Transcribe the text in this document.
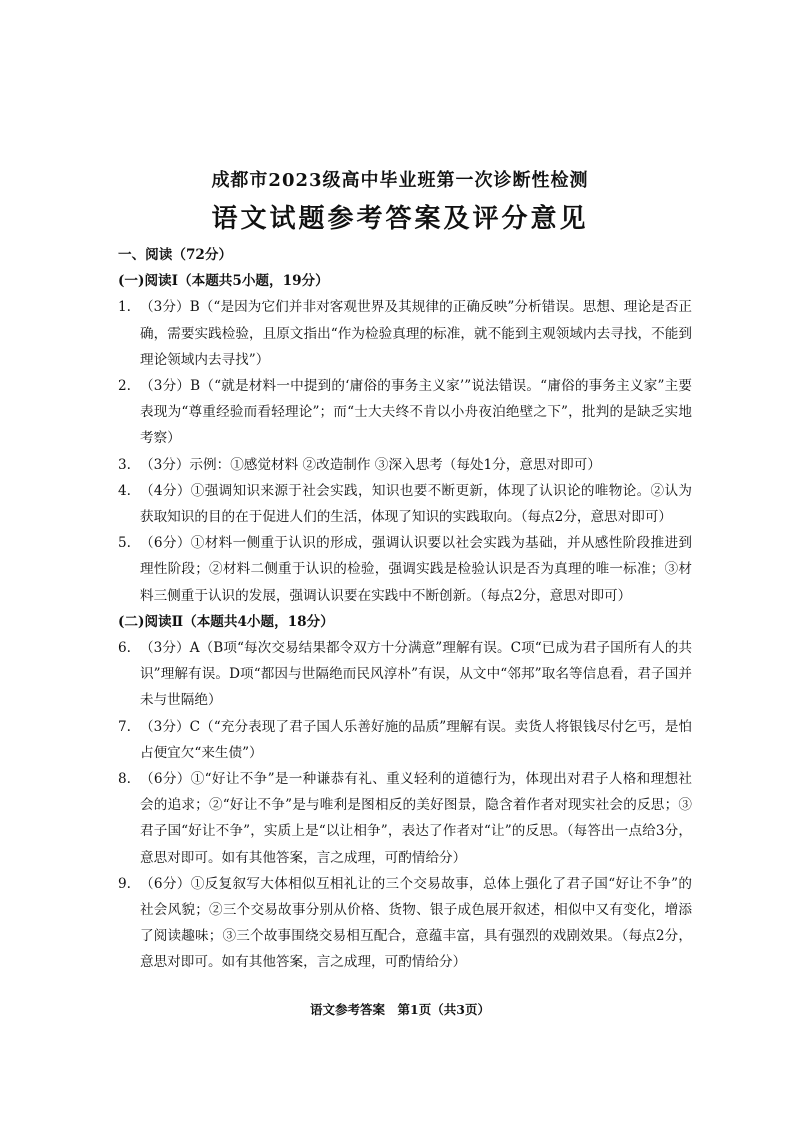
成都市2023级高中毕业班第一次诊断性检测
语文试题参考答案及评分意见
一、阅读（72分）
(一)阅读Ⅰ（本题共5小题，19分）
1. （3分）B（“是因为它们并非对客观世界及其规律的正确反映”分析错误。思想、理论是否正确，需要实践检验，且原文指出“作为检验真理的标准，就不能到主观领域内去寻找，不能到理论领域内去寻找”）
2. （3分）B（“就是材料一中提到的‘庸俗的事务主义家’”说法错误。“庸俗的事务主义家”主要表现为“尊重经验而看轻理论”；而“士大夫终不肯以小舟夜泊绝壁之下”，批判的是缺乏实地考察）
3. （3分）示例：①感觉材料 ②改造制作 ③深入思考（每处1分，意思对即可）
4. （4分）①强调知识来源于社会实践，知识也要不断更新，体现了认识论的唯物论。②认为获取知识的目的在于促进人们的生活，体现了知识的实践取向。（每点2分，意思对即可）
5. （6分）①材料一侧重于认识的形成，强调认识要以社会实践为基础，并从感性阶段推进到理性阶段；②材料二侧重于认识的检验，强调实践是检验认识是否为真理的唯一标准；③材料三侧重于认识的发展，强调认识要在实践中不断创新。（每点2分，意思对即可）
(二)阅读Ⅱ（本题共4小题，18分）
6. （3分）A（B项“每次交易结果都令双方十分满意”理解有误。C项“已成为君子国所有人的共识”理解有误。D项“都因与世隔绝而民风淳朴”有误，从文中“邻邦”取名等信息看，君子国并未与世隔绝）
7. （3分）C（“充分表现了君子国人乐善好施的品质”理解有误。卖货人将银钱尽付乞丐，是怕占便宜欠“来生债”）
8. （6分）①“好让不争”是一种谦恭有礼、重义轻利的道德行为，体现出对君子人格和理想社会的追求；②“好让不争”是与唯利是图相反的美好图景，隐含着作者对现实社会的反思；③君子国“好让不争”，实质上是“以让相争”，表达了作者对“让”的反思。（每答出一点给3分，意思对即可。如有其他答案，言之成理，可酌情给分）
9. （6分）①反复叙写大体相似互相礼让的三个交易故事，总体上强化了君子国“好让不争”的社会风貌；②三个交易故事分别从价格、货物、银子成色展开叙述，相似中又有变化，增添了阅读趣味；③三个故事围绕交易相互配合，意蕴丰富，具有强烈的戏剧效果。（每点2分，意思对即可。如有其他答案，言之成理，可酌情给分）
语文参考答案　第1页（共3页）
